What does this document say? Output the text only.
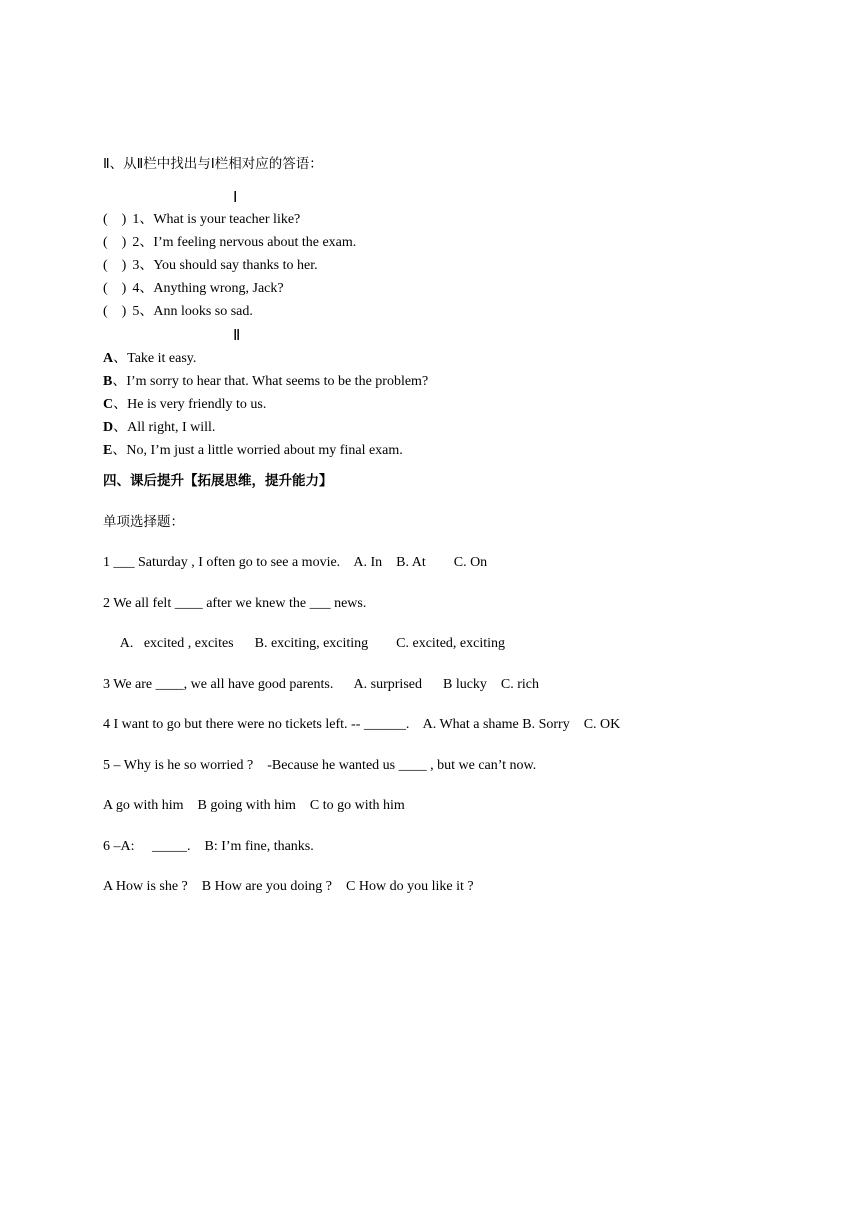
Ⅱ、从Ⅱ栏中找出与Ⅰ栏相对应的答语：
Ⅰ
(    ) 1、What is your teacher like?
(    ) 2、I’m feeling nervous about the exam.
(    ) 3、You should say thanks to her.
(    ) 4、Anything wrong, Jack?
(    ) 5、Ann looks so sad.
Ⅱ
A、Take it easy.
B、I’m sorry to hear that. What seems to be the problem?
C、He is very friendly to us.
D、All right, I will.
E、No, I’m just a little worried about my final exam.
四、课后提升【拓展思维，提升能力】
单项选择题：
1 ___ Saturday , I often go to see a movie.    A. In    B. At        C. On
2 We all felt ____ after we knew the ___ news.
A.   excited , excites      B. exciting, exciting        C. excited, exciting
3 We are ____, we all have good parents.      A. surprised      B lucky    C. rich
4 I want to go but there were no tickets left. -- ______.    A. What a shame B. Sorry    C. OK
5 – Why is he so worried ?    -Because he wanted us ____ , but we can’t now.
A go with him    B going with him    C to go with him
6 –A:     _____.    B: I’m fine, thanks.
A How is she ?    B How are you doing ?    C How do you like it ?
